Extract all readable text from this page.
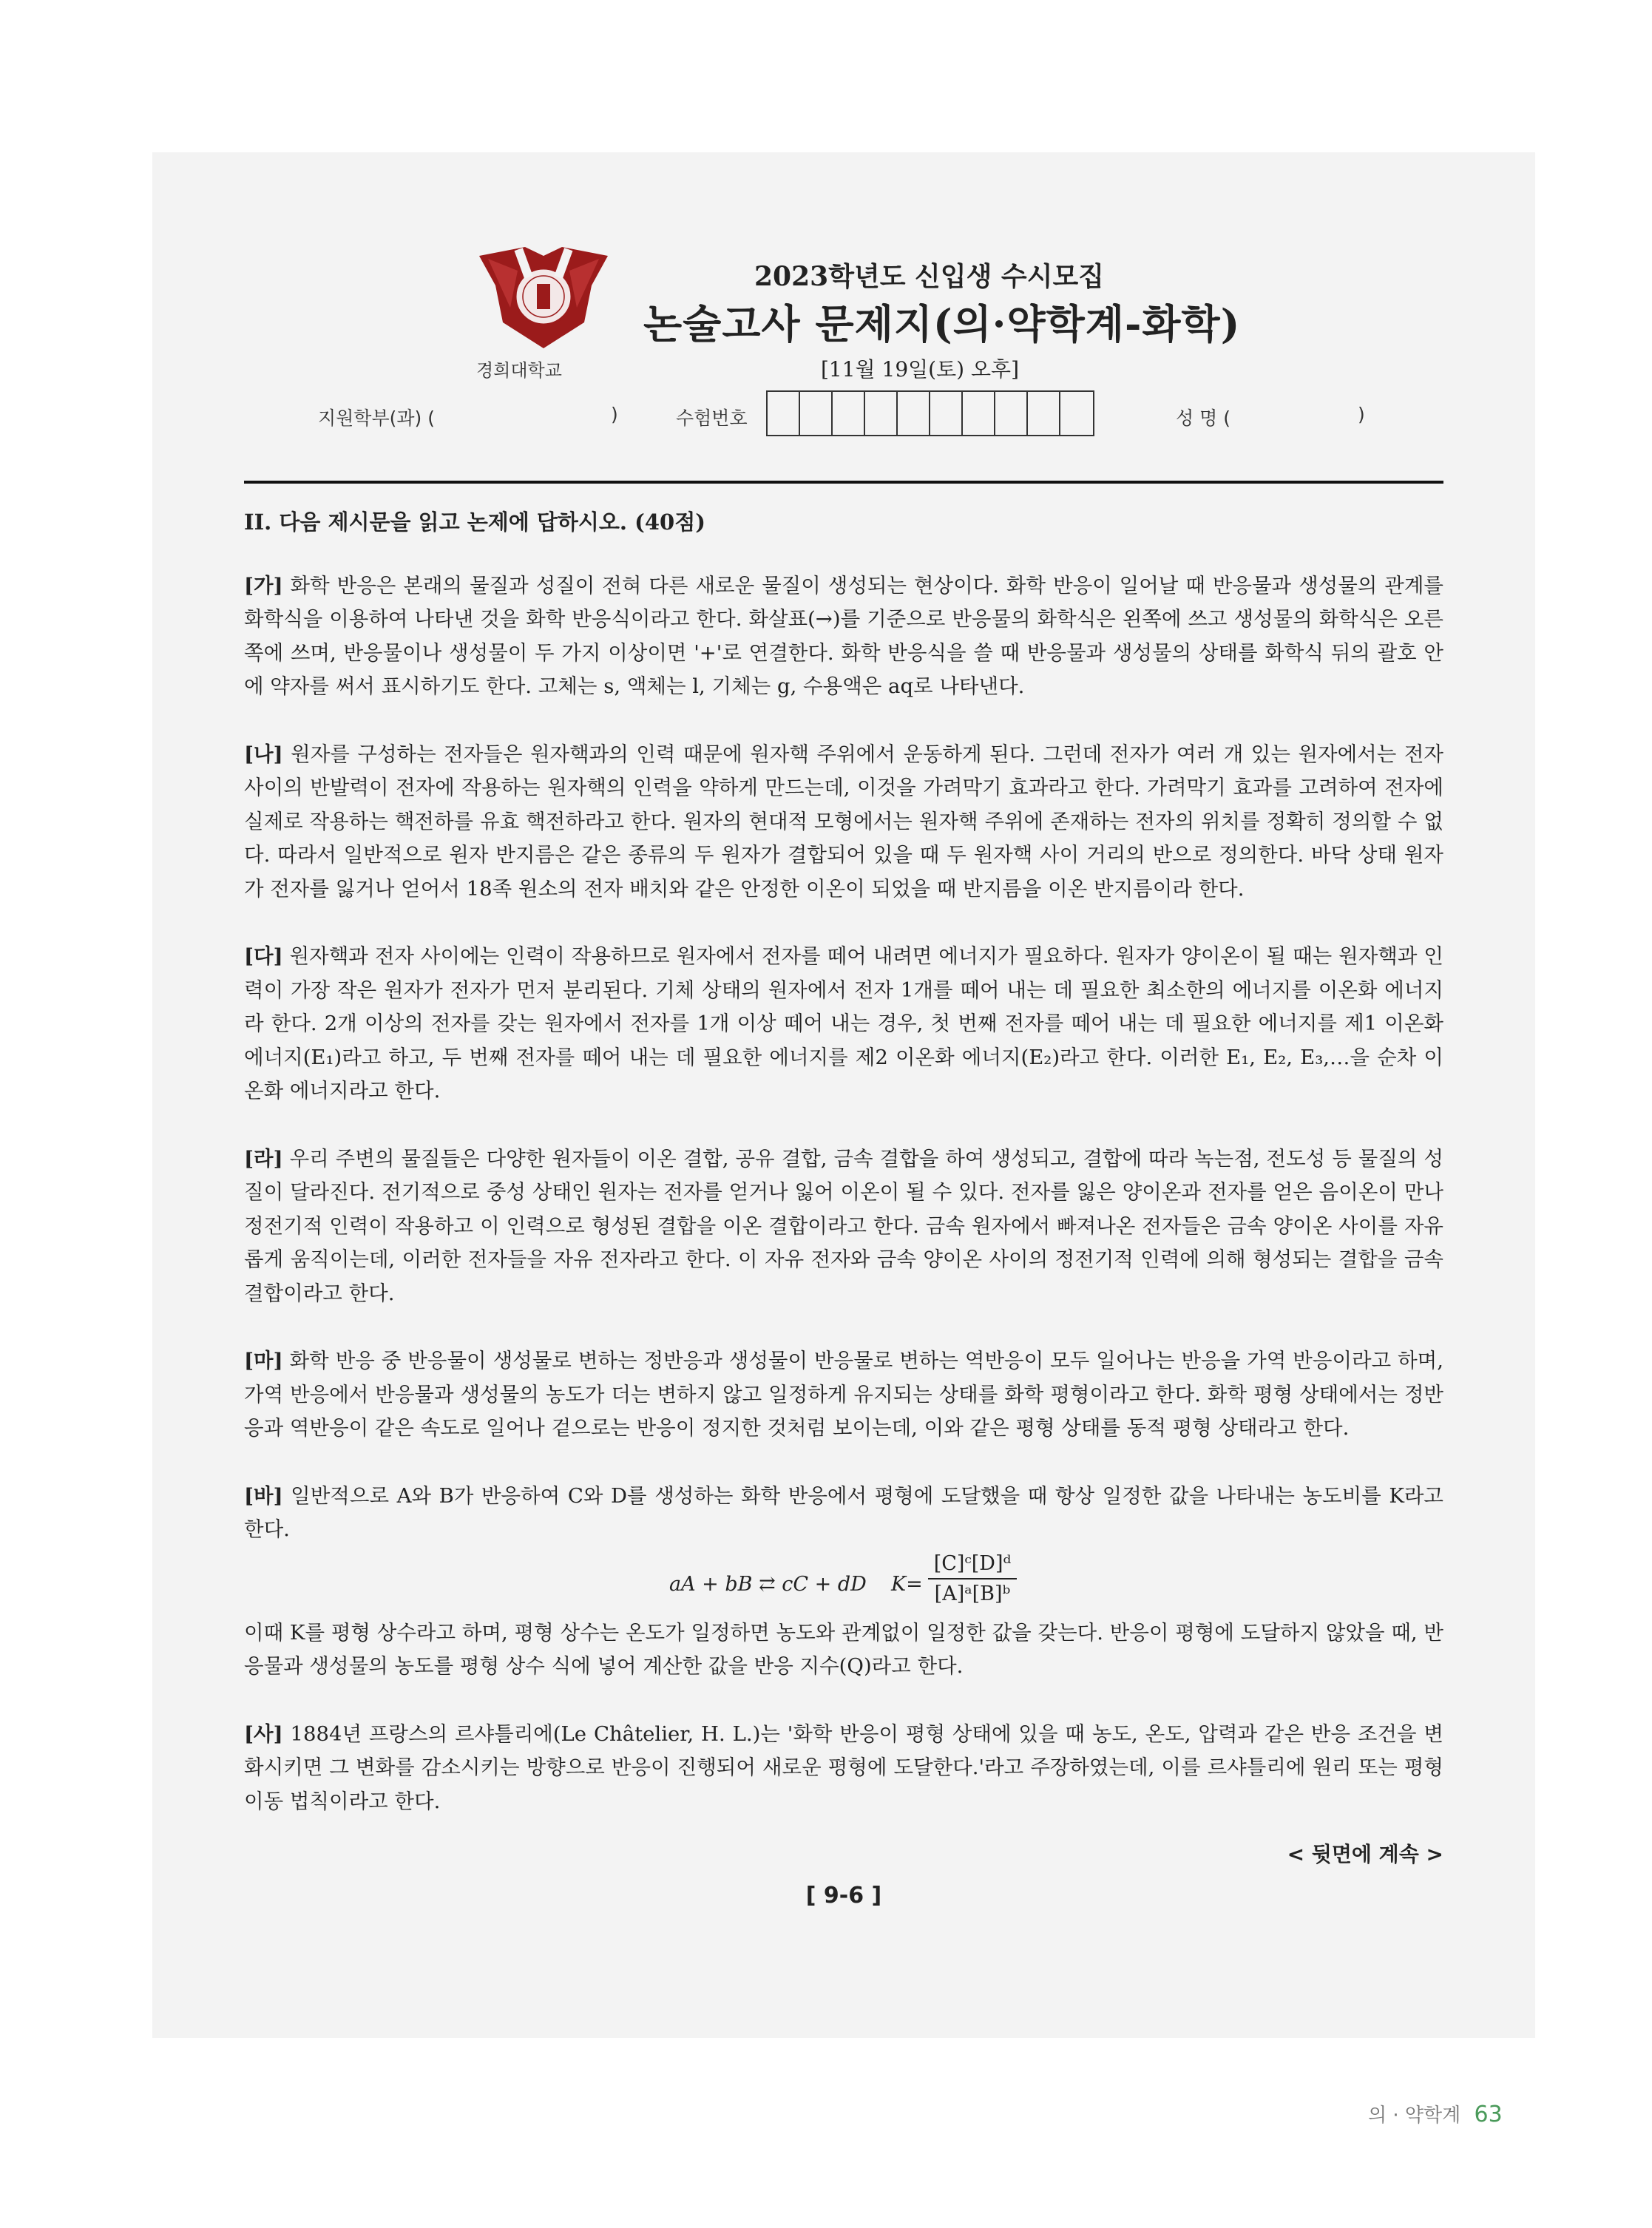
경희대학교
2023학년도 신입생 수시모집
논술고사 문제지(의·약학계-화학)
[11월 19일(토) 오후]
지원학부(과) (	)	수험번호	성 명 (	)

II. 다음 제시문을 읽고 논제에 답하시오. (40점)

[가] 화학 반응은 본래의 물질과 성질이 전혀 다른 새로운 물질이 생성되는 현상이다. 화학 반응이 일어날 때 반응물과 생성물의 관계를 화학식을 이용하여 나타낸 것을 화학 반응식이라고 한다. 화살표(→)를 기준으로 반응물의 화학식은 왼쪽에 쓰고 생성물의 화학식은 오른쪽에 쓰며, 반응물이나 생성물이 두 가지 이상이면 '+'로 연결한다. 화학 반응식을 쓸 때 반응물과 생성물의 상태를 화학식 뒤의 괄호 안에 약자를 써서 표시하기도 한다. 고체는 s, 액체는 l, 기체는 g, 수용액은 aq로 나타낸다.

[나] 원자를 구성하는 전자들은 원자핵과의 인력 때문에 원자핵 주위에서 운동하게 된다. 그런데 전자가 여러 개 있는 원자에서는 전자 사이의 반발력이 전자에 작용하는 원자핵의 인력을 약하게 만드는데, 이것을 가려막기 효과라고 한다. 가려막기 효과를 고려하여 전자에 실제로 작용하는 핵전하를 유효 핵전하라고 한다. 원자의 현대적 모형에서는 원자핵 주위에 존재하는 전자의 위치를 정확히 정의할 수 없다. 따라서 일반적으로 원자 반지름은 같은 종류의 두 원자가 결합되어 있을 때 두 원자핵 사이 거리의 반으로 정의한다. 바닥 상태 원자가 전자를 잃거나 얻어서 18족 원소의 전자 배치와 같은 안정한 이온이 되었을 때 반지름을 이온 반지름이라 한다.

[다] 원자핵과 전자 사이에는 인력이 작용하므로 원자에서 전자를 떼어 내려면 에너지가 필요하다. 원자가 양이온이 될 때는 원자핵과 인력이 가장 작은 원자가 전자가 먼저 분리된다. 기체 상태의 원자에서 전자 1개를 떼어 내는 데 필요한 최소한의 에너지를 이온화 에너지라 한다. 2개 이상의 전자를 갖는 원자에서 전자를 1개 이상 떼어 내는 경우, 첫 번째 전자를 떼어 내는 데 필요한 에너지를 제1 이온화 에너지(E₁)라고 하고, 두 번째 전자를 떼어 내는 데 필요한 에너지를 제2 이온화 에너지(E₂)라고 한다. 이러한 E₁, E₂, E₃,…을 순차 이온화 에너지라고 한다.

[라] 우리 주변의 물질들은 다양한 원자들이 이온 결합, 공유 결합, 금속 결합을 하여 생성되고, 결합에 따라 녹는점, 전도성 등 물질의 성질이 달라진다. 전기적으로 중성 상태인 원자는 전자를 얻거나 잃어 이온이 될 수 있다. 전자를 잃은 양이온과 전자를 얻은 음이온이 만나 정전기적 인력이 작용하고 이 인력으로 형성된 결합을 이온 결합이라고 한다. 금속 원자에서 빠져나온 전자들은 금속 양이온 사이를 자유롭게 움직이는데, 이러한 전자들을 자유 전자라고 한다. 이 자유 전자와 금속 양이온 사이의 정전기적 인력에 의해 형성되는 결합을 금속 결합이라고 한다.

[마] 화학 반응 중 반응물이 생성물로 변하는 정반응과 생성물이 반응물로 변하는 역반응이 모두 일어나는 반응을 가역 반응이라고 하며, 가역 반응에서 반응물과 생성물의 농도가 더는 변하지 않고 일정하게 유지되는 상태를 화학 평형이라고 한다. 화학 평형 상태에서는 정반응과 역반응이 같은 속도로 일어나 겉으로는 반응이 정지한 것처럼 보이는데, 이와 같은 평형 상태를 동적 평형 상태라고 한다.

[바] 일반적으로 A와 B가 반응하여 C와 D를 생성하는 화학 반응에서 평형에 도달했을 때 항상 일정한 값을 나타내는 농도비를 K라고 한다.
aA + bB ⇄ cC + dD $K= \frac{\text{[C]ᶜ[D]ᵈ}}{\text{[A]ᵃ[B]ᵇ}}$
이때 K를 평형 상수라고 하며, 평형 상수는 온도가 일정하면 농도와 관계없이 일정한 값을 갖는다. 반응이 평형에 도달하지 않았을 때, 반응물과 생성물의 농도를 평형 상수 식에 넣어 계산한 값을 반응 지수(Q)라고 한다.

[사] 1884년 프랑스의 르샤틀리에(Le Châtelier, H. L.)는 '화학 반응이 평형 상태에 있을 때 농도, 온도, 압력과 같은 반응 조건을 변화시키면 그 변화를 감소시키는 방향으로 반응이 진행되어 새로운 평형에 도달한다.'라고 주장하였는데, 이를 르샤틀리에 원리 또는 평형 이동 법칙이라고 한다.

< 뒷면에 계속 >
[ 9-6 ]
의 · 약학계 63
